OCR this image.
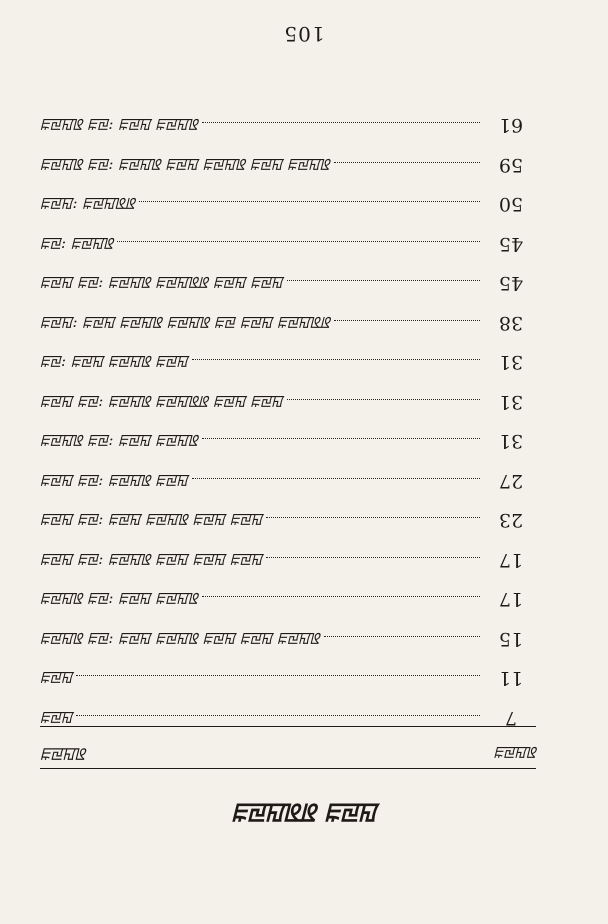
105
ꡀꡙꡎꡬ ꡀꡙ: ꡀꡙꡎ ꡀꡙꡎꡬ	61
ꡀꡙꡎꡬ ꡀꡙ: ꡀꡙꡎꡬ ꡀꡙꡎ ꡀꡙꡎꡬ ꡀꡙꡎ ꡀꡙꡎꡬ	59
ꡀꡙꡎ: ꡀꡙꡎꡬꡬ	50
ꡀꡙ: ꡀꡙꡎꡬ	45
ꡀꡙꡎ ꡀꡙ: ꡀꡙꡎꡬ ꡀꡙꡎꡬꡬ ꡀꡙꡎ ꡀꡙꡎ	45
ꡀꡙꡎ: ꡀꡙꡎ ꡀꡙꡎꡬ ꡀꡙꡎꡬ ꡀꡙ ꡀꡙꡎ ꡀꡙꡎꡬꡬ	38
ꡀꡙ: ꡀꡙꡎ ꡀꡙꡎꡬ ꡀꡙꡎ	31
ꡀꡙꡎ ꡀꡙ: ꡀꡙꡎꡬ ꡀꡙꡎꡬꡬ ꡀꡙꡎ ꡀꡙꡎ	31
ꡀꡙꡎꡬ ꡀꡙ: ꡀꡙꡎ ꡀꡙꡎꡬ	31
ꡀꡙꡎ ꡀꡙ: ꡀꡙꡎꡬ ꡀꡙꡎ	27
ꡀꡙꡎ ꡀꡙ: ꡀꡙꡎ ꡀꡙꡎꡬ ꡀꡙꡎ ꡀꡙꡎ	23
ꡀꡙꡎ ꡀꡙ: ꡀꡙꡎꡬ ꡀꡙꡎ ꡀꡙꡎ ꡀꡙꡎ	17
ꡀꡙꡎꡬ ꡀꡙ: ꡀꡙꡎ ꡀꡙꡎꡬ	17
ꡀꡙꡎꡬ ꡀꡙ: ꡀꡙꡎ ꡀꡙꡎꡬ ꡀꡙꡎ ꡀꡙꡎ ꡀꡙꡎꡬ	15
ꡀꡙꡎ	11
ꡀꡙꡎ	7
ꡀꡙꡎꡬ	ꡀꡙꡎꡬ
ꡀꡙꡎꡬꡬ ꡀꡙꡎ
